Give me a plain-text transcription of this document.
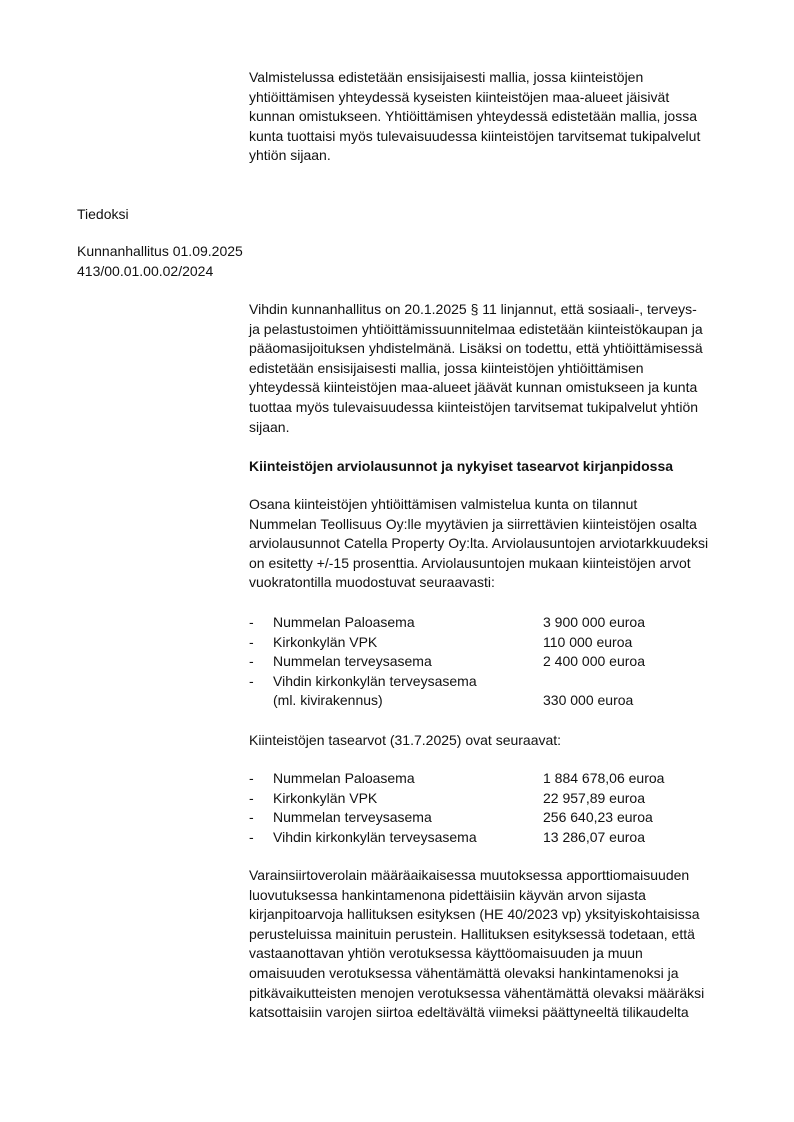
Valmistelussa edistetään ensisijaisesti mallia, jossa kiinteistöjen
yhtiöittämisen yhteydessä kyseisten kiinteistöjen maa-alueet jäisivät
kunnan omistukseen. Yhtiöittämisen yhteydessä edistetään mallia, jossa
kunta tuottaisi myös tulevaisuudessa kiinteistöjen tarvitsemat tukipalvelut
yhtiön sijaan.
Tiedoksi
Kunnanhallitus 01.09.2025
413/00.01.00.02/2024
Vihdin kunnanhallitus on 20.1.2025 § 11 linjannut, että sosiaali-, terveys-
ja pelastustoimen yhtiöittämissuunnitelmaa edistetään kiinteistökaupan ja
pääomasijoituksen yhdistelmänä. Lisäksi on todettu, että yhtiöittämisessä
edistetään ensisijaisesti mallia, jossa kiinteistöjen yhtiöittämisen
yhteydessä kiinteistöjen maa-alueet jäävät kunnan omistukseen ja kunta
tuottaa myös tulevaisuudessa kiinteistöjen tarvitsemat tukipalvelut yhtiön
sijaan.
Kiinteistöjen arviolausunnot ja nykyiset tasearvot kirjanpidossa
Osana kiinteistöjen yhtiöittämisen valmistelua kunta on tilannut
Nummelan Teollisuus Oy:lle myytävien ja siirrettävien kiinteistöjen osalta
arviolausunnot Catella Property Oy:lta. Arviolausuntojen arviotarkkuudeksi
on esitetty +/-15 prosenttia. Arviolausuntojen mukaan kiinteistöjen arvot
vuokratontilla muodostuvat seuraavasti:
- Nummelan Paloasema	3 900 000 euroa
- Kirkonkylän VPK	110 000 euroa
- Nummelan terveysasema	2 400 000 euroa
- Vihdin kirkonkylän terveysasema
(ml. kivirakennus)	330 000 euroa
Kiinteistöjen tasearvot (31.7.2025) ovat seuraavat:
- Nummelan Paloasema	1 884 678,06 euroa
- Kirkonkylän VPK	22 957,89 euroa
- Nummelan terveysasema	256 640,23 euroa
- Vihdin kirkonkylän terveysasema	13 286,07 euroa
Varainsiirtoverolain määräaikaisessa muutoksessa apporttiomaisuuden
luovutuksessa hankintamenona pidettäisiin käyvän arvon sijasta
kirjanpitoarvoja hallituksen esityksen (HE 40/2023 vp) yksityiskohtaisissa
perusteluissa mainituin perustein. Hallituksen esityksessä todetaan, että
vastaanottavan yhtiön verotuksessa käyttöomaisuuden ja muun
omaisuuden verotuksessa vähentämättä olevaksi hankintamenoksi ja
pitkävaikutteisten menojen verotuksessa vähentämättä olevaksi määräksi
katsottaisiin varojen siirtoa edeltävältä viimeksi päättyneeltä tilikaudelta
